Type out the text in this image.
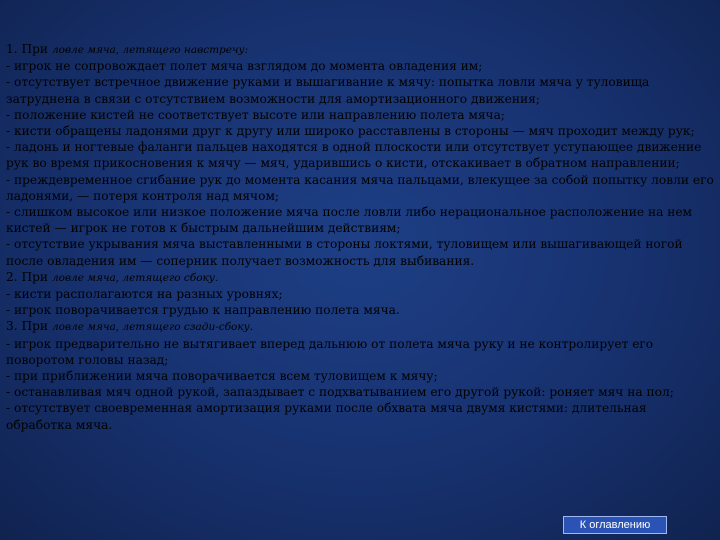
1. При ловле мяча, летящего навстречу:
- игрок не сопровождает полет мяча взглядом до момента овладения им;
- отсутствует встречное движение руками и вышагивание к мячу: попытка ловли мяча у туловища затруднена в связи с отсутствием возможности для амортизационного движения;
- положение кистей не соответствует высоте или направлению полета мяча;
- кисти обращены ладонями друг к другу или широко расставлены в стороны — мяч проходит между рук;
- ладонь и ногтевые фаланги пальцев находятся в одной плоскости или отсутствует уступающее движение рук во время прикосновения к мячу — мяч, ударившись о кисти, отскакивает в обратном направлении;
- преждевременное сгибание рук до момента касания мяча пальцами, влекущее за собой попытку ловли его ладонями, — потеря контроля над мячом;
- слишком высокое или низкое положение мяча после ловли либо нерациональное расположение на нем кистей — игрок не готов к быстрым дальнейшим действиям;
- отсутствие укрывания мяча выставленными в стороны локтями, туловищем или вышагивающей ногой после овладения им — соперник получает возможность для выбивания.
2. При ловле мяча, летящего сбоку.
- кисти располагаются на разных уровнях;
- игрок поворачивается грудью к направлению полета мяча.
3. При ловле мяча, летящего сзади-сбоку.
- игрок предварительно не вытягивает вперед дальнюю от полета мяча руку и не контролирует его поворотом головы назад;
- при приближении мяча поворачивается всем туловищем к мячу;
- останавливая мяч одной рукой, запаздывает с подхватыванием его другой рукой: роняет мяч на пол;
- отсутствует своевременная амортизация руками после обхвата мяча двумя кистями: длительная обработка мяча.
К оглавлению
